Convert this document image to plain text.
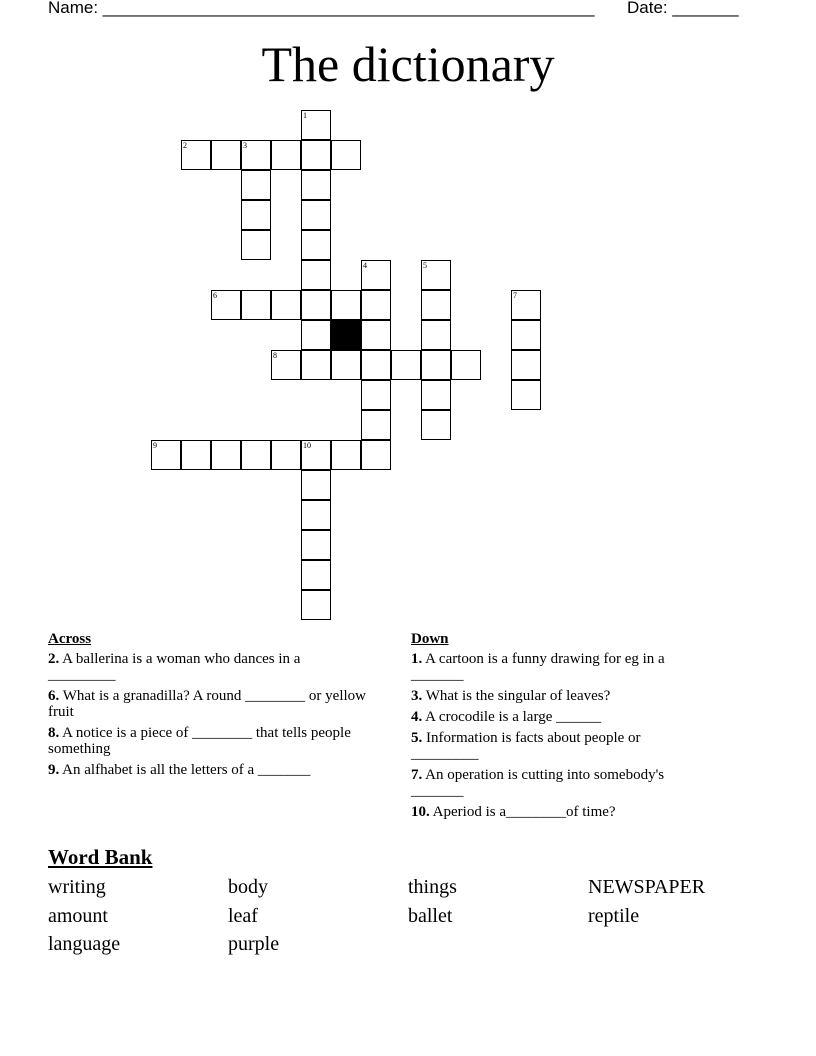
Name: ____________________________________________________ Date: _______
The dictionary
1
2	3
4	5
6	7
8
9	10
Across
2. A ballerina is a woman who dances in a _________
6. What is a granadilla? A round ________ or yellow fruit
8. A notice is a piece of ________ that tells people something
9. An alfhabet is all the letters of a _______
Down
1. A cartoon is a funny drawing for eg in a _______
3. What is the singular of leaves?
4. A crocodile is a large ______
5. Information is facts about people or _________
7. An operation is cutting into somebody's _______
10. Aperiod is a________of time?
Word Bank
writing	body	things	NEWSPAPER
amount	leaf	ballet	reptile
language	purple
